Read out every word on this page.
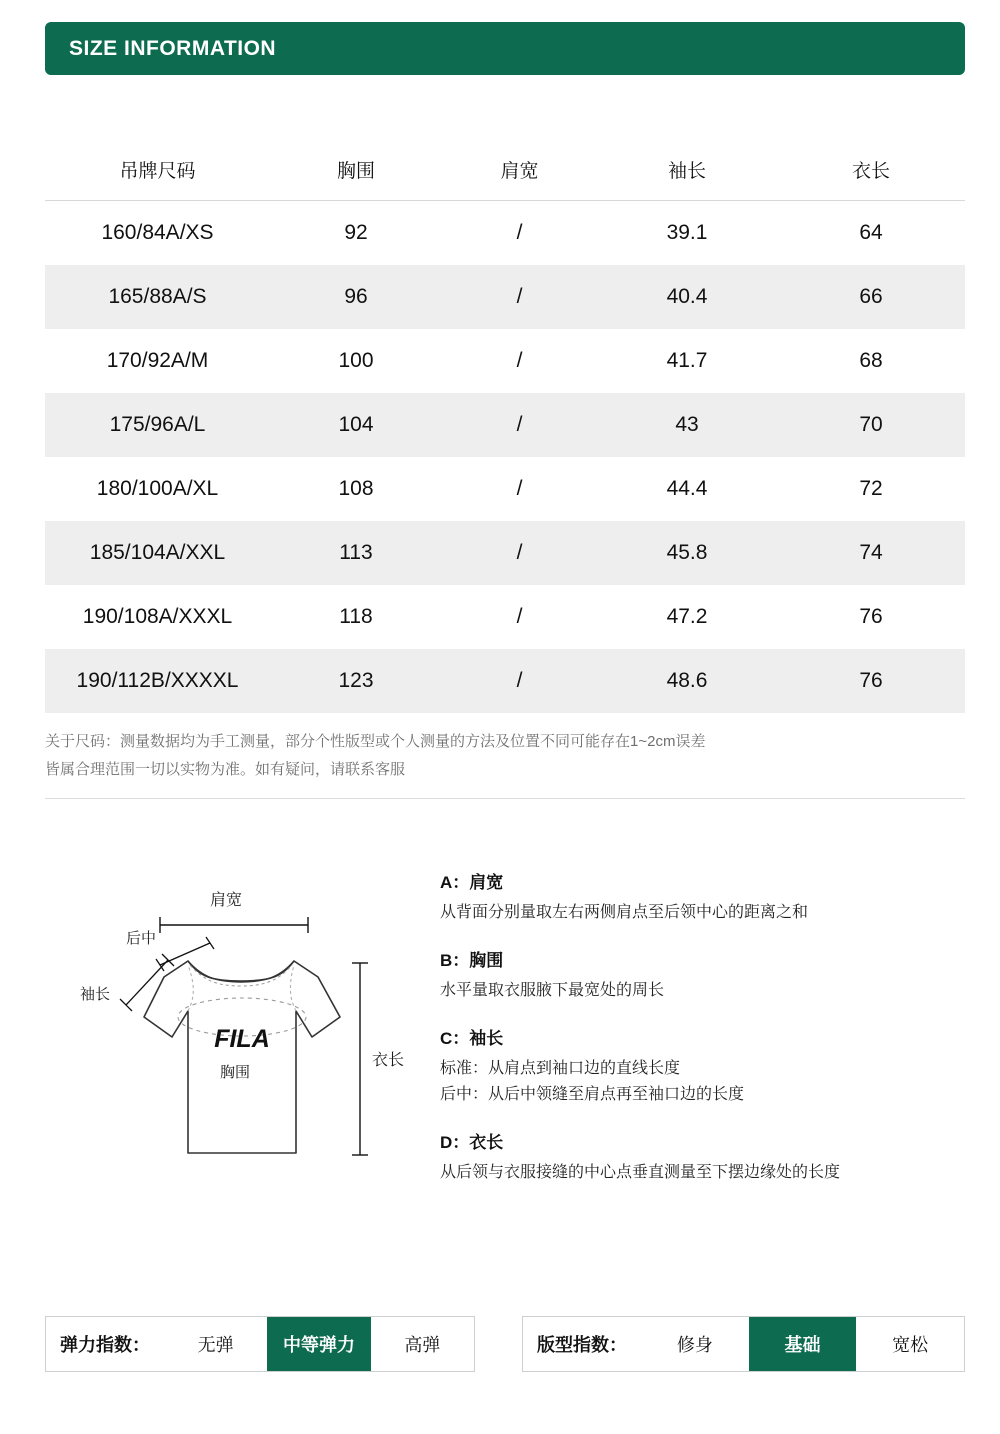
SIZE INFORMATION
吊牌尺码	胸围	肩宽	袖长	衣长
160/84A/XS	92	/	39.1	64
165/88A/S	96	/	40.4	66
170/92A/M	100	/	41.7	68
175/96A/L	104	/	43	70
180/100A/XL	108	/	44.4	72
185/104A/XXL	113	/	45.8	74
190/108A/XXXL	118	/	47.2	76
190/112B/XXXXL	123	/	48.6	76
关于尺码：测量数据均为手工测量，部分个性版型或个人测量的方法及位置不同可能存在1~2cm误差
皆属合理范围一切以实物为准。如有疑问，请联系客服
FILA
肩宽
后中
袖长
胸围
衣长
A：肩宽
从背面分别量取左右两侧肩点至后领中心的距离之和
B：胸围
水平量取衣服腋下最宽处的周长
C：袖长
标准：从肩点到袖口边的直线长度
后中：从后中领缝至肩点再至袖口边的长度
D：衣长
从后领与衣服接缝的中心点垂直测量至下摆边缘处的长度
弹力指数：	无弹	中等弹力	高弹	版型指数：	修身	基础	宽松
